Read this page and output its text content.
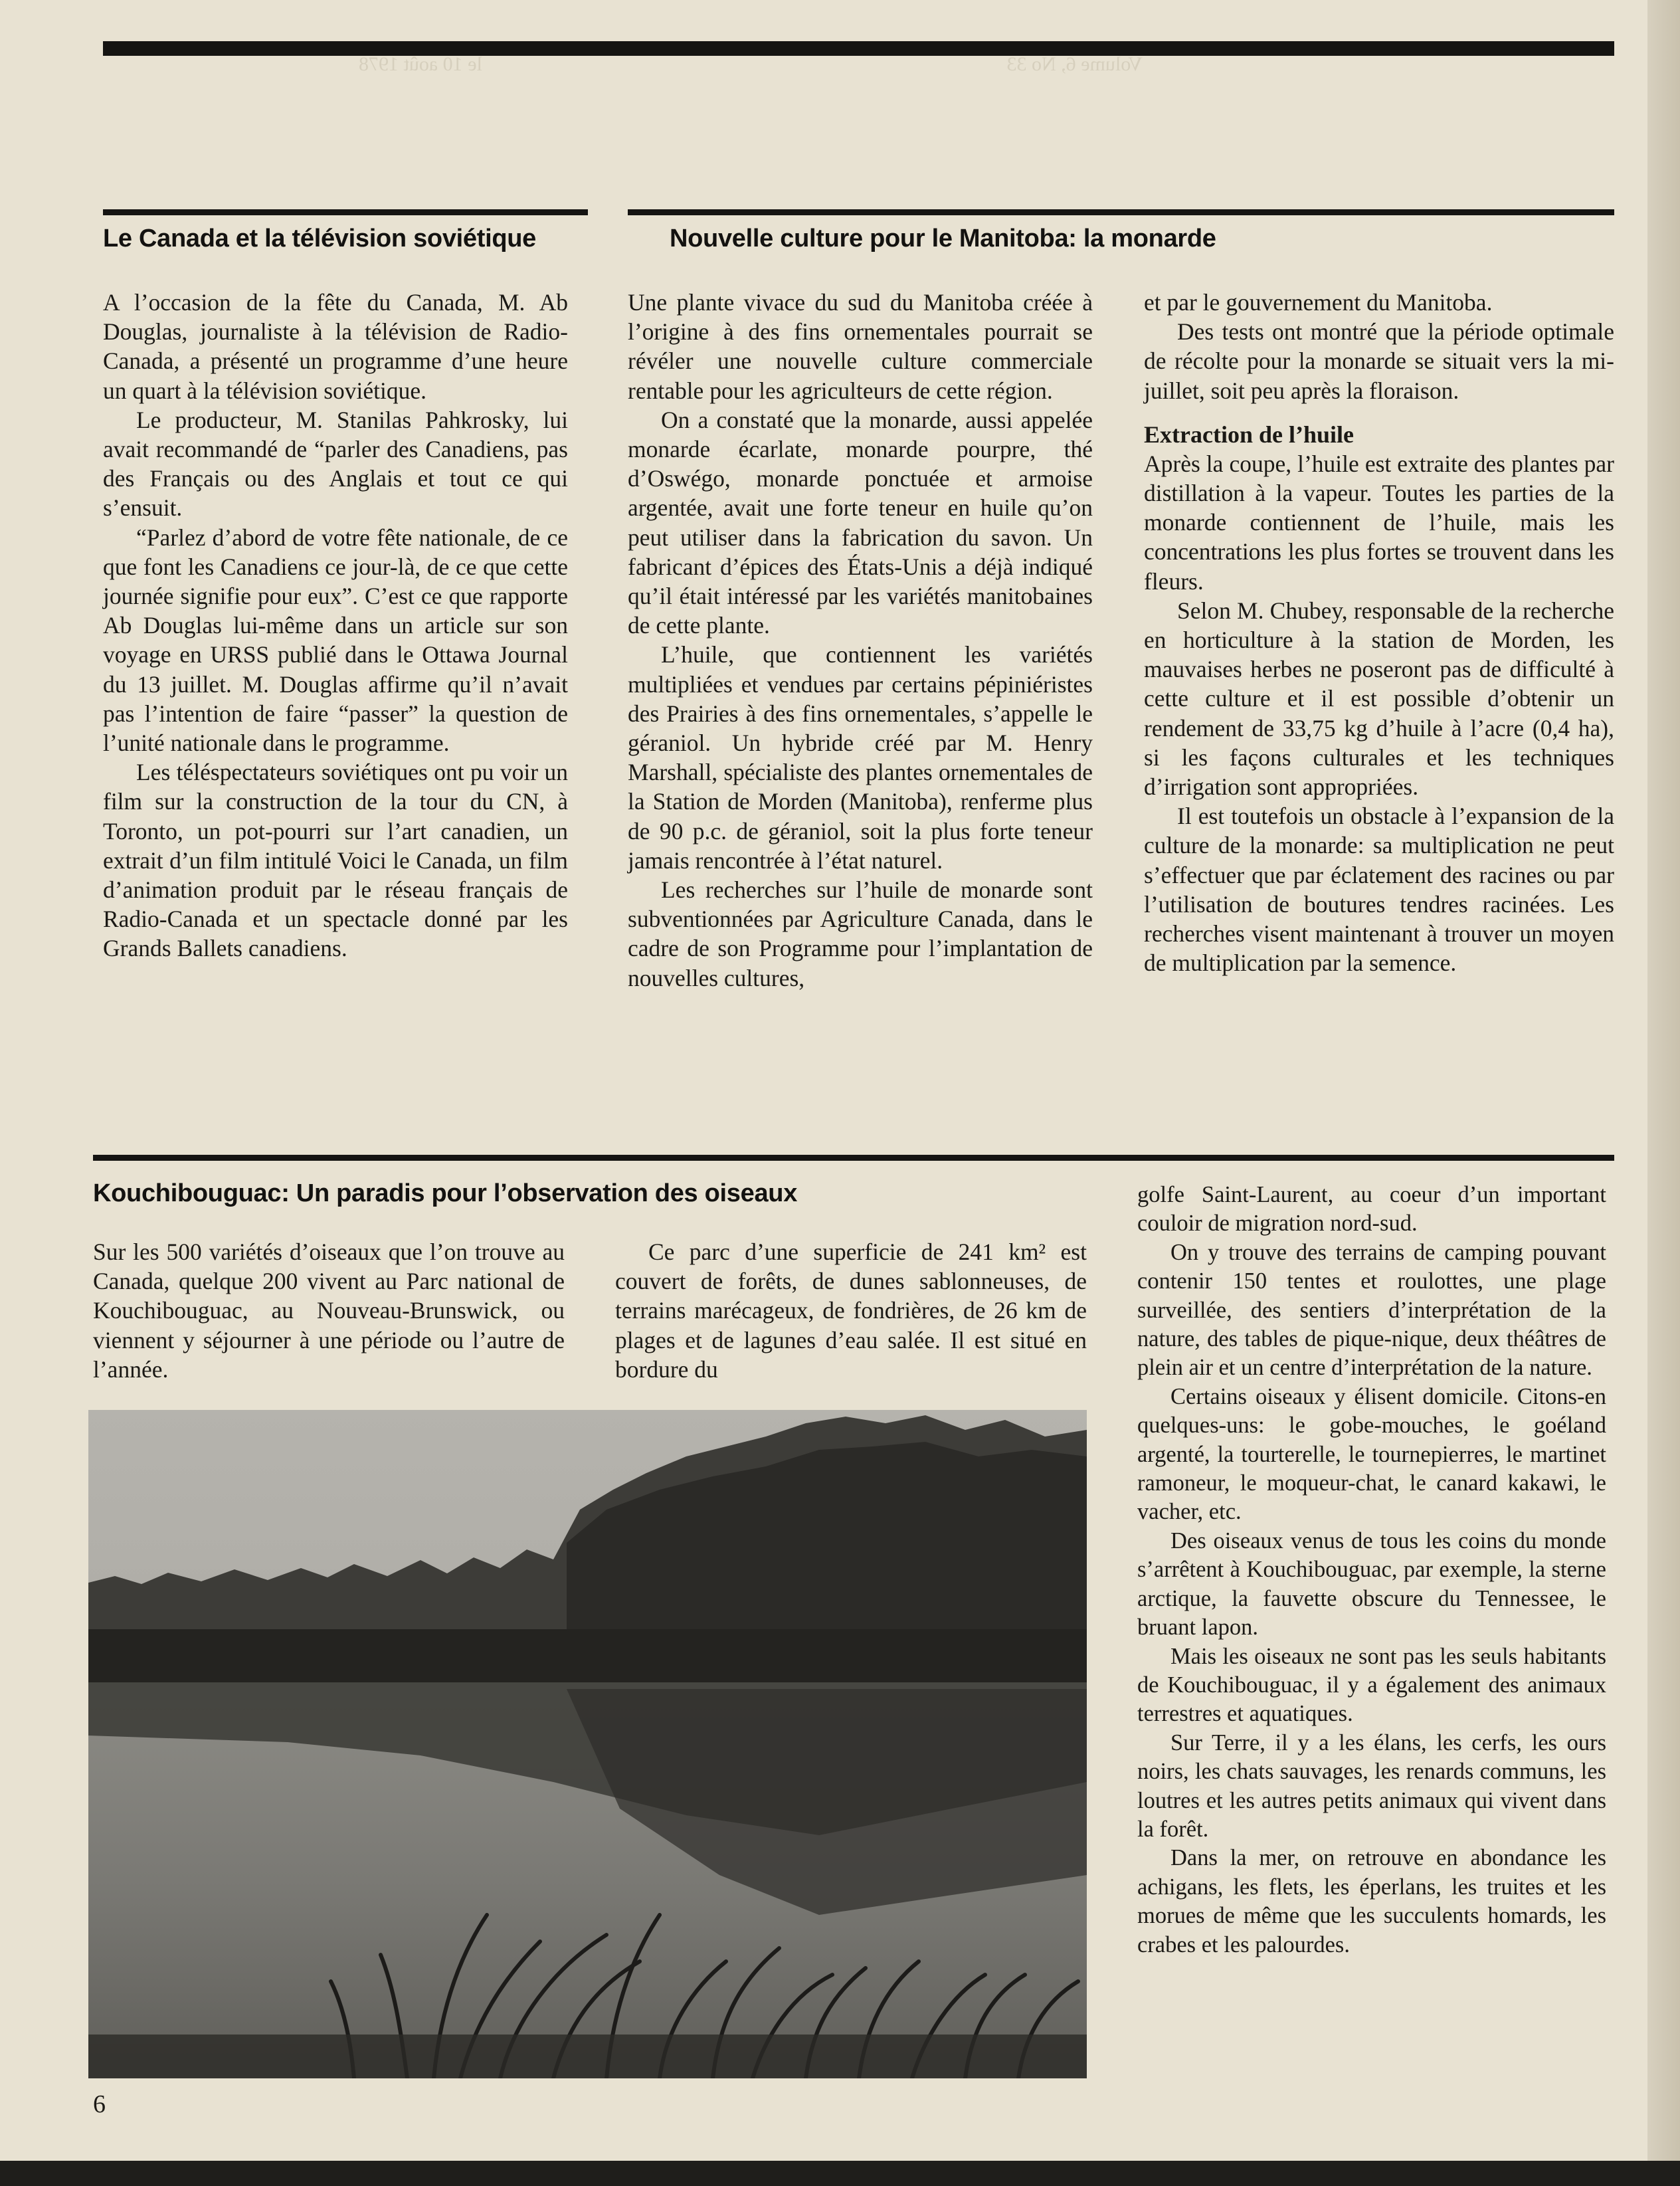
Volume 6, No 33
le 10 août 1978
Le Canada et la télévision soviétique

A l’occasion de la fête du Canada, M. Ab Douglas, journaliste à la télévision de Radio-Canada, a présenté un programme d’une heure un quart à la télévision soviétique.

Le producteur, M. Stanilas Pahkrosky, lui avait recommandé de “parler des Canadiens, pas des Français ou des Anglais et tout ce qui s’ensuit.

“Parlez d’abord de votre fête nationale, de ce que font les Canadiens ce jour-là, de ce que cette journée signifie pour eux”. C’est ce que rapporte Ab Douglas lui-même dans un article sur son voyage en URSS publié dans le Ottawa Journal du 13 juillet. M. Douglas affirme qu’il n’avait pas l’intention de faire “passer” la question de l’unité nationale dans le programme.

Les téléspectateurs soviétiques ont pu voir un film sur la construction de la tour du CN, à Toronto, un pot-pourri sur l’art canadien, un extrait d’un film intitulé Voici le Canada, un film d’animation produit par le réseau français de Radio-Canada et un spectacle donné par les Grands Ballets canadiens.

Nouvelle culture pour le Manitoba: la monarde

Une plante vivace du sud du Manitoba créée à l’origine à des fins ornementales pourrait se révéler une nouvelle culture commerciale rentable pour les agriculteurs de cette région.

On a constaté que la monarde, aussi appelée monarde écarlate, monarde pourpre, thé d’Oswégo, monarde ponctuée et armoise argentée, avait une forte teneur en huile qu’on peut utiliser dans la fabrication du savon. Un fabricant d’épices des États-Unis a déjà indiqué qu’il était intéressé par les variétés manitobaines de cette plante.

L’huile, que contiennent les variétés multipliées et vendues par certains pépiniéristes des Prairies à des fins ornementales, s’appelle le géraniol. Un hybride créé par M. Henry Marshall, spécialiste des plantes ornementales de la Station de Morden (Manitoba), renferme plus de 90 p.c. de géraniol, soit la plus forte teneur jamais rencontrée à l’état naturel.

Les recherches sur l’huile de monarde sont subventionnées par Agriculture Canada, dans le cadre de son Programme pour l’implantation de nouvelles cultures,

et par le gouvernement du Manitoba.

Des tests ont montré que la période optimale de récolte pour la monarde se situait vers la mi-juillet, soit peu après la floraison.

Extraction de l’huile

Après la coupe, l’huile est extraite des plantes par distillation à la vapeur. Toutes les parties de la monarde contiennent de l’huile, mais les concentrations les plus fortes se trouvent dans les fleurs.

Selon M. Chubey, responsable de la recherche en horticulture à la station de Morden, les mauvaises herbes ne poseront pas de difficulté à cette culture et il est possible d’obtenir un rendement de 33,75 kg d’huile à l’acre (0,4 ha), si les façons culturales et les techniques d’irrigation sont appropriées.

Il est toutefois un obstacle à l’expansion de la culture de la monarde: sa multiplication ne peut s’effectuer que par éclatement des racines ou par l’utilisation de boutures tendres racinées. Les recherches visent maintenant à trouver un moyen de multiplication par la semence.

Kouchibouguac: Un paradis pour l’observation des oiseaux

Sur les 500 variétés d’oiseaux que l’on trouve au Canada, quelque 200 vivent au Parc national de Kouchibouguac, au Nouveau-Brunswick, ou viennent y séjourner à une période ou l’autre de l’année.

Ce parc d’une superficie de 241 km² est couvert de forêts, de dunes sablonneuses, de terrains marécageux, de fondrières, de 26 km de plages et de lagunes d’eau salée. Il est situé en bordure du

golfe Saint-Laurent, au coeur d’un important couloir de migration nord-sud.

On y trouve des terrains de camping pouvant contenir 150 tentes et roulottes, une plage surveillée, des sentiers d’interprétation de la nature, des tables de pique-nique, deux théâtres de plein air et un centre d’interprétation de la nature.

Certains oiseaux y élisent domicile. Citons-en quelques-uns: le gobe-mouches, le goéland argenté, la tourterelle, le tournepierres, le martinet ramoneur, le moqueur-chat, le canard kakawi, le vacher, etc.

Des oiseaux venus de tous les coins du monde s’arrêtent à Kouchibouguac, par exemple, la sterne arctique, la fauvette obscure du Tennessee, le bruant lapon.

Mais les oiseaux ne sont pas les seuls habitants de Kouchibouguac, il y a également des animaux terrestres et aquatiques.

Sur Terre, il y a les élans, les cerfs, les ours noirs, les chats sauvages, les renards communs, les loutres et les autres petits animaux qui vivent dans la forêt.

Dans la mer, on retrouve en abondance les achigans, les flets, les éperlans, les truites et les morues de même que les succulents homards, les crabes et les palourdes.

6
